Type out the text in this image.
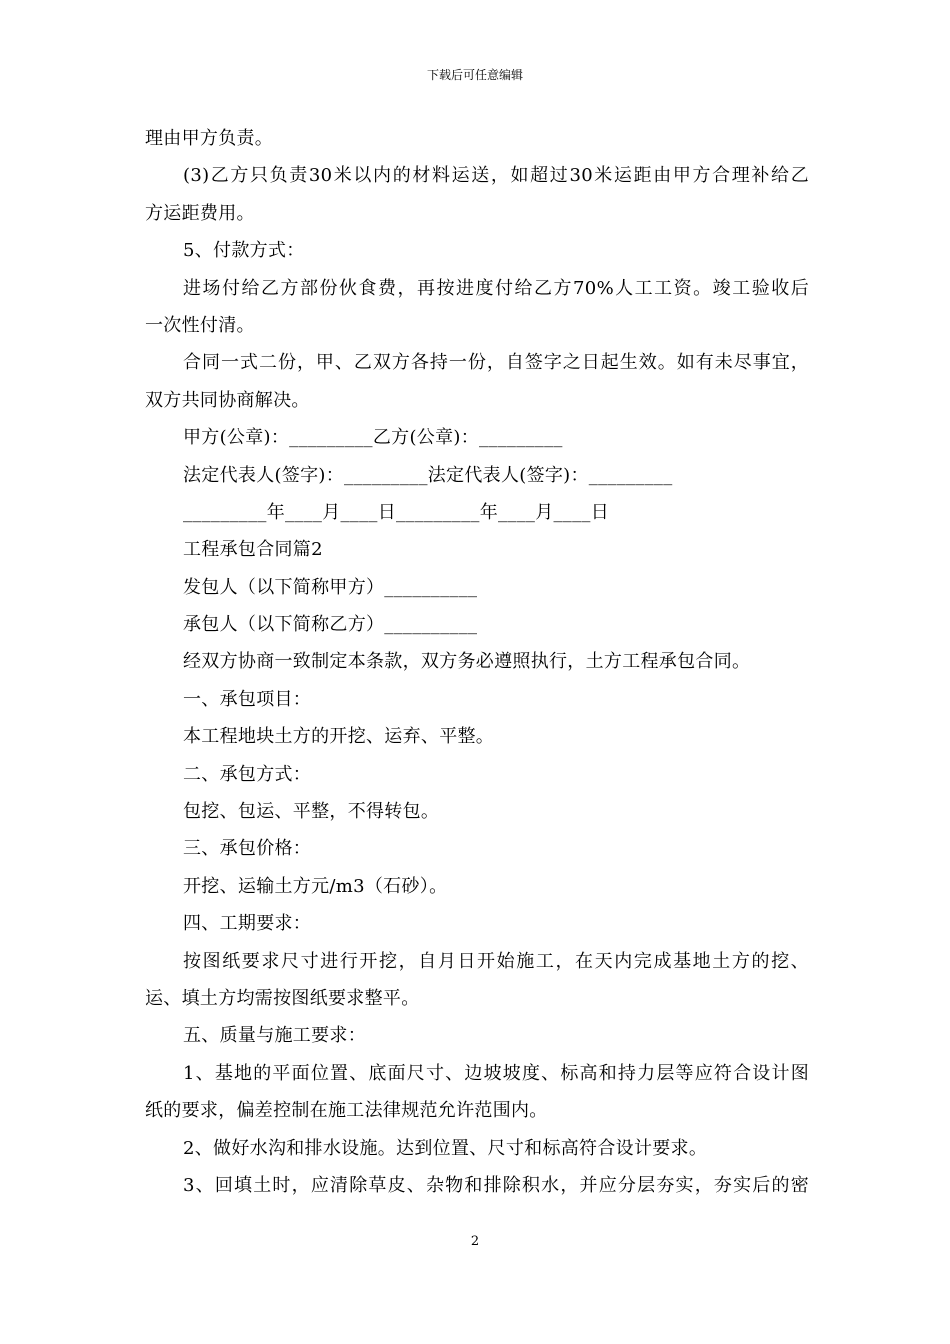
下载后可任意编辑
理由甲方负责。
(3)乙方只负责30米以内的材料运送，如超过30米运距由甲方合理补给乙
方运距费用。
5、付款方式：
进场付给乙方部份伙食费，再按进度付给乙方70%人工工资。竣工验收后
一次性付清。
合同一式二份，甲、乙双方各持一份，自签字之日起生效。如有未尽事宜，
双方共同协商解决。
甲方(公章)：_________乙方(公章)：_________
法定代表人(签字)：_________法定代表人(签字)：_________
_________年____月____日_________年____月____日
工程承包合同篇2
发包人（以下简称甲方）__________
承包人（以下简称乙方）__________
经双方协商一致制定本条款，双方务必遵照执行，土方工程承包合同。
一、承包项目：
本工程地块土方的开挖、运弃、平整。
二、承包方式：
包挖、包运、平整，不得转包。
三、承包价格：
开挖、运输土方元/m3（石砂）。
四、工期要求：
按图纸要求尺寸进行开挖，自月日开始施工，在天内完成基地土方的挖、
运、填土方均需按图纸要求整平。
五、质量与施工要求：
1、基地的平面位置、底面尺寸、边坡坡度、标高和持力层等应符合设计图
纸的要求，偏差控制在施工法律规范允许范围内。
2、做好水沟和排水设施。达到位置、尺寸和标高符合设计要求。
3、回填土时，应清除草皮、杂物和排除积水，并应分层夯实，夯实后的密
2
